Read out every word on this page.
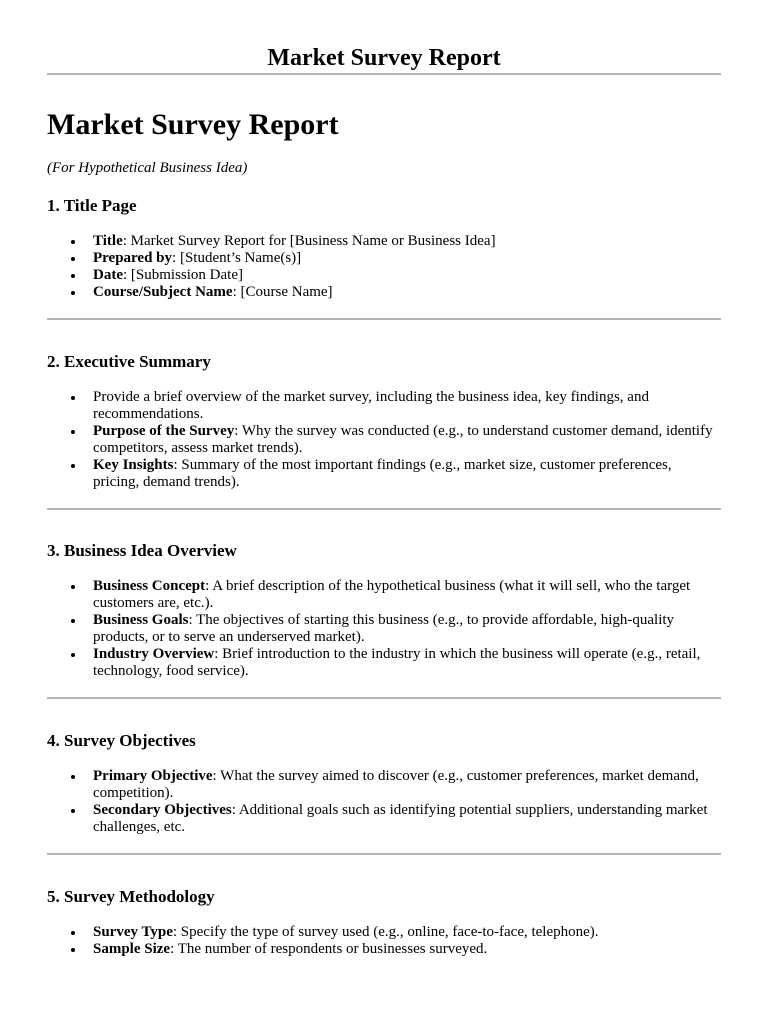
Market Survey Report
Market Survey Report

(For Hypothetical Business Idea)

1. Title Page
Title: Market Survey Report for [Business Name or Business Idea]
Prepared by: [Student’s Name(s)]
Date: [Submission Date]
Course/Subject Name: [Course Name]
2. Executive Summary
Provide a brief overview of the market survey, including the business idea, key findings, and recommendations.
Purpose of the Survey: Why the survey was conducted (e.g., to understand customer demand, identify competitors, assess market trends).
Key Insights: Summary of the most important findings (e.g., market size, customer preferences, pricing, demand trends).
3. Business Idea Overview
Business Concept: A brief description of the hypothetical business (what it will sell, who the target customers are, etc.).
Business Goals: The objectives of starting this business (e.g., to provide affordable, high-quality products, or to serve an underserved market).
Industry Overview: Brief introduction to the industry in which the business will operate (e.g., retail, technology, food service).
4. Survey Objectives
Primary Objective: What the survey aimed to discover (e.g., customer preferences, market demand, competition).
Secondary Objectives: Additional goals such as identifying potential suppliers, understanding market challenges, etc.
5. Survey Methodology
Survey Type: Specify the type of survey used (e.g., online, face-to-face, telephone).
Sample Size: The number of respondents or businesses surveyed.
